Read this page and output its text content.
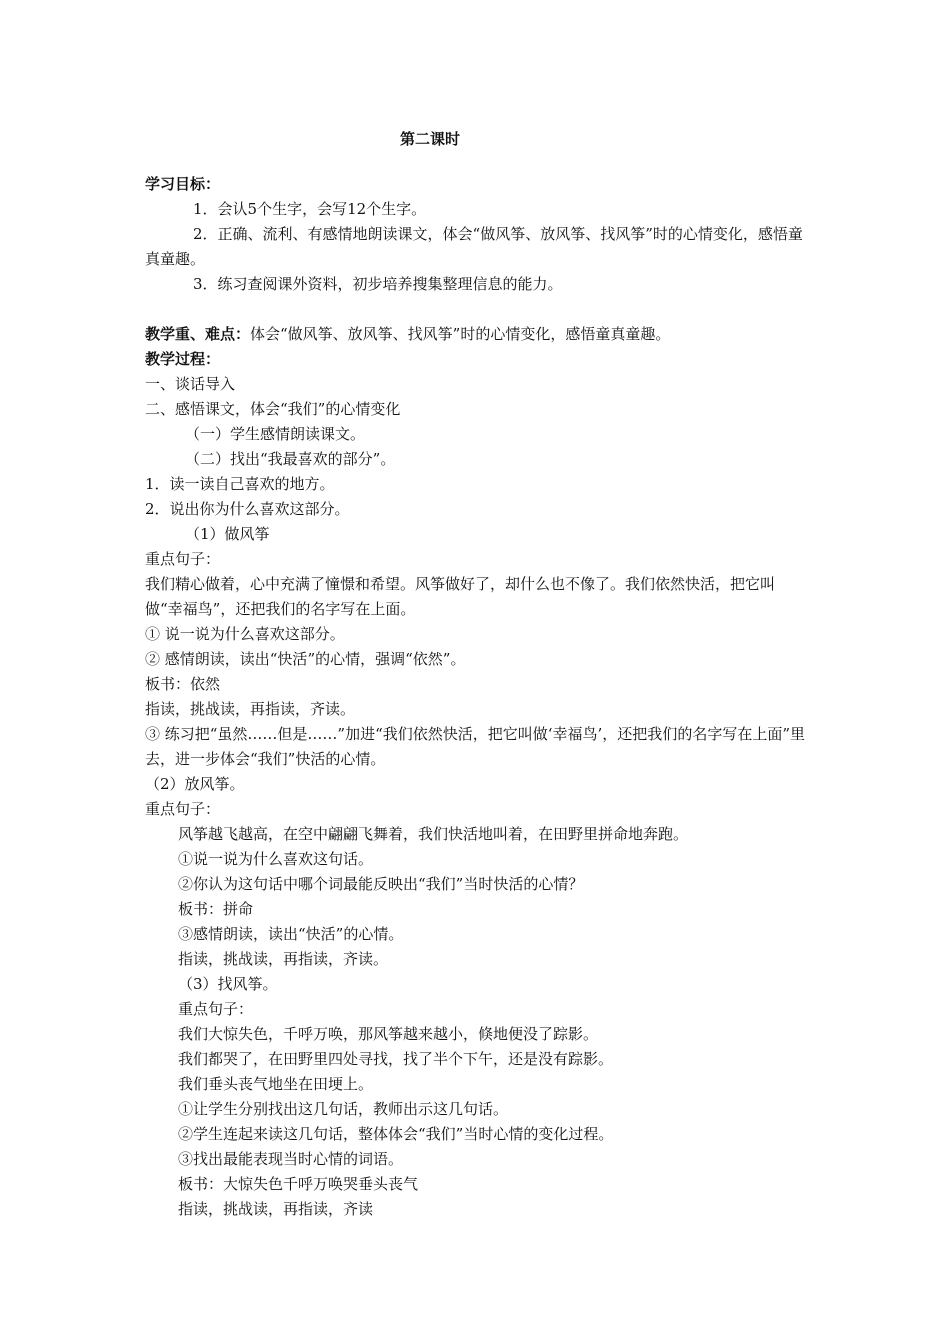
第二课时

学习目标：

1．会认5个生字，会写12个生字。

2．正确、流利、有感情地朗读课文，体会“做风筝、放风筝、找风筝”时的心情变化，感悟童真童趣。

3．练习查阅课外资料，初步培养搜集整理信息的能力。

教学重、难点：体会“做风筝、放风筝、找风筝”时的心情变化，感悟童真童趣。

教学过程：

一、谈话导入

二、感悟课文，体会“我们”的心情变化

（一）学生感情朗读课文。

（二）找出“我最喜欢的部分”。

1．读一读自己喜欢的地方。

2．说出你为什么喜欢这部分。

（1）做风筝

重点句子：

我们精心做着，心中充满了憧憬和希望。风筝做好了，却什么也不像了。我们依然快活，把它叫做“幸福鸟”，还把我们的名字写在上面。

① 说一说为什么喜欢这部分。

② 感情朗读，读出“快活”的心情，强调“依然”。

板书：依然

指读，挑战读，再指读，齐读。

③ 练习把“虽然……但是……”加进“我们依然快活，把它叫做‘幸福鸟’，还把我们的名字写在上面”里去，进一步体会“我们”快活的心情。

（2）放风筝。

重点句子：

风筝越飞越高，在空中翩翩飞舞着，我们快活地叫着，在田野里拼命地奔跑。

①说一说为什么喜欢这句话。

②你认为这句话中哪个词最能反映出“我们”当时快活的心情？

板书：拼命

③感情朗读，读出“快活”的心情。

指读，挑战读，再指读，齐读。

（3）找风筝。

重点句子：

我们大惊失色，千呼万唤，那风筝越来越小，倏地便没了踪影。

我们都哭了，在田野里四处寻找，找了半个下午，还是没有踪影。

我们垂头丧气地坐在田埂上。

①让学生分别找出这几句话，教师出示这几句话。

②学生连起来读这几句话，整体体会“我们”当时心情的变化过程。

③找出最能表现当时心情的词语。

板书：大惊失色千呼万唤哭垂头丧气

指读，挑战读，再指读，齐读
